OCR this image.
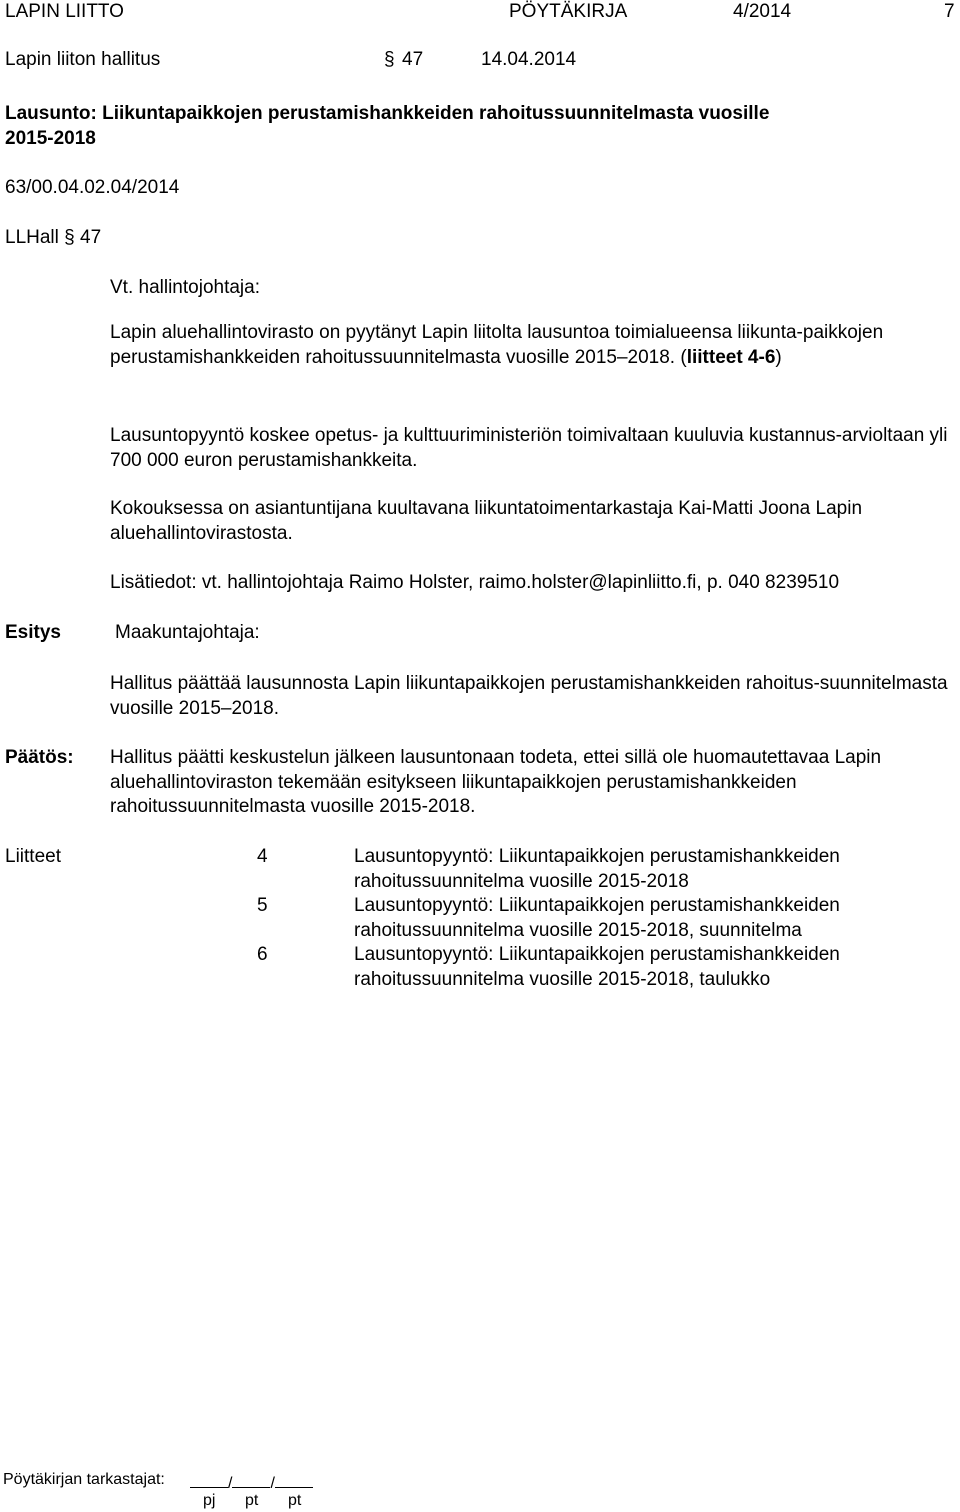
LAPIN LIITTO	PÖYTÄKIRJA	4/2014	7
Lapin liiton hallitus	§ 47	14.04.2014
Lausunto: Liikuntapaikkojen perustamishankkeiden rahoitussuunnitelmasta vuosille
2015-2018
63/00.04.02.04/2014
LLHall § 47
Vt. hallintojohtaja:
Lapin aluehallintovirasto on pyytänyt Lapin liitolta lausuntoa toimialueensa liikunta-paikkojen perustamishankkeiden rahoitussuunnitelmasta vuosille 2015–2018. (liitteet 4-6)
Lausuntopyyntö koskee opetus- ja kulttuuriministeriön toimivaltaan kuuluvia kustannus-arvioltaan yli 700 000 euron perustamishankkeita.
Kokouksessa on asiantuntijana kuultavana liikuntatoimentarkastaja Kai-Matti Joona Lapin aluehallintovirastosta.
Lisätiedot: vt. hallintojohtaja Raimo Holster, raimo.holster@lapinliitto.fi, p. 040 8239510
Esitys	Maakuntajohtaja:
Hallitus päättää lausunnosta Lapin liikuntapaikkojen perustamishankkeiden rahoitus-suunnitelmasta vuosille 2015–2018.
Päätös: Hallitus päätti keskustelun jälkeen lausuntonaan todeta, ettei sillä ole huomautettavaa Lapin aluehallintoviraston tekemään esitykseen liikuntapaikkojen perustamishankkeiden rahoitussuunnitelmasta vuosille 2015-2018.
Liitteet	4	Lausuntopyyntö: Liikuntapaikkojen perustamishankkeiden
rahoitussuunnitelma vuosille 2015-2018
5	Lausuntopyyntö: Liikuntapaikkojen perustamishankkeiden
rahoitussuunnitelma vuosille 2015-2018, suunnitelma
6	Lausuntopyyntö: Liikuntapaikkojen perustamishankkeiden
rahoitussuunnitelma vuosille 2015-2018, taulukko
Pöytäkirjan tarkastajat:	/ /
pj pt pt
